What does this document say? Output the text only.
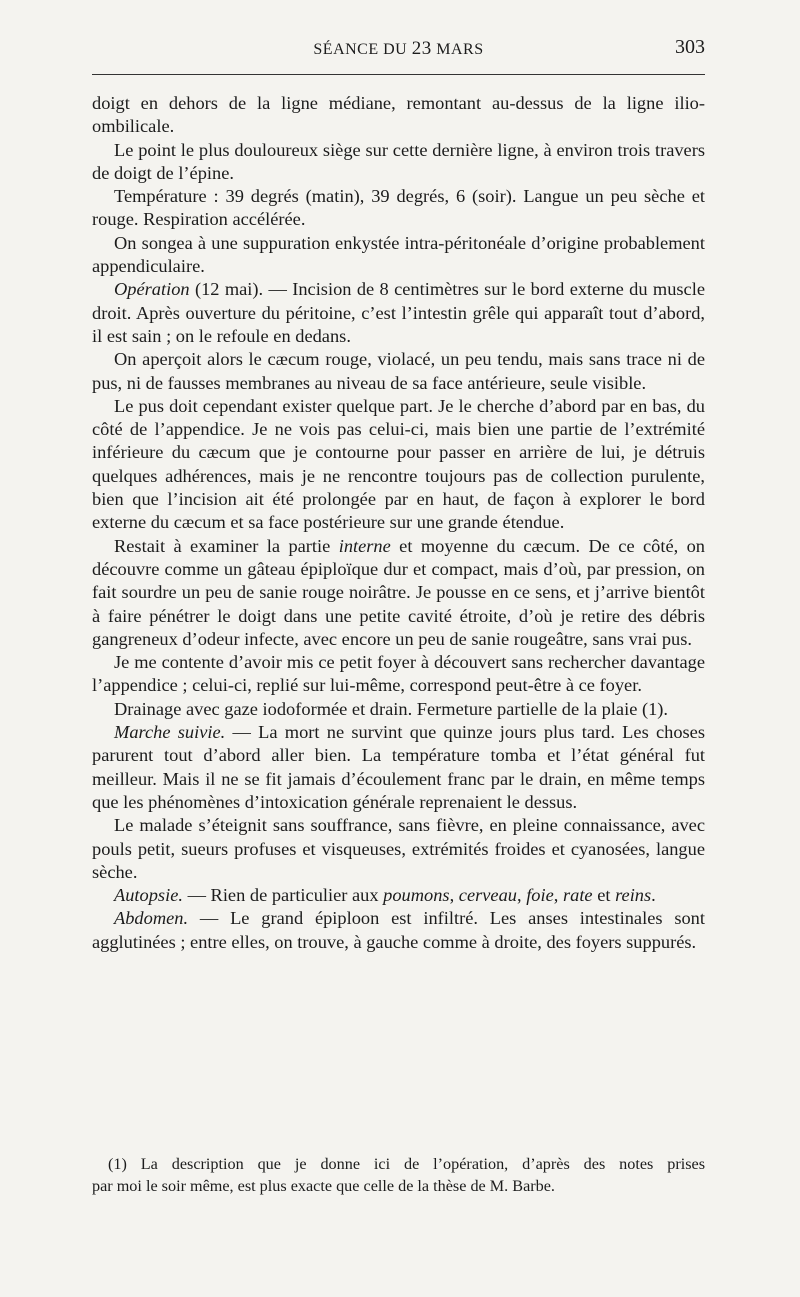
SÉANCE DU 23 MARS	303

doigt en dehors de la ligne médiane, remontant au-dessus de la ligne ilio-ombilicale.

Le point le plus douloureux siège sur cette dernière ligne, à environ trois travers de doigt de l’épine.

Température : 39 degrés (matin), 39 degrés, 6 (soir). Langue un peu sèche et rouge. Respiration accélérée.

On songea à une suppuration enkystée intra-péritonéale d’origine probablement appendiculaire.

Opération (12 mai). — Incision de 8 centimètres sur le bord externe du muscle droit. Après ouverture du péritoine, c’est l’intestin grêle qui apparaît tout d’abord, il est sain ; on le refoule en dedans.

On aperçoit alors le cæcum rouge, violacé, un peu tendu, mais sans trace ni de pus, ni de fausses membranes au niveau de sa face antérieure, seule visible.

Le pus doit cependant exister quelque part. Je le cherche d’abord par en bas, du côté de l’appendice. Je ne vois pas celui-ci, mais bien une partie de l’extrémité inférieure du cæcum que je contourne pour passer en arrière de lui, je détruis quelques adhérences, mais je ne rencontre toujours pas de collection purulente, bien que l’incision ait été prolongée par en haut, de façon à explorer le bord externe du cæcum et sa face postérieure sur une grande étendue.

Restait à examiner la partie interne et moyenne du cæcum. De ce côté, on découvre comme un gâteau épiploïque dur et compact, mais d’où, par pression, on fait sourdre un peu de sanie rouge noirâtre. Je pousse en ce sens, et j’arrive bientôt à faire pénétrer le doigt dans une petite cavité étroite, d’où je retire des débris gangreneux d’odeur infecte, avec encore un peu de sanie rougeâtre, sans vrai pus.

Je me contente d’avoir mis ce petit foyer à découvert sans rechercher davantage l’appendice ; celui-ci, replié sur lui-même, correspond peut-être à ce foyer.

Drainage avec gaze iodoformée et drain. Fermeture partielle de la plaie (1).

Marche suivie. — La mort ne survint que quinze jours plus tard. Les choses parurent tout d’abord aller bien. La température tomba et l’état général fut meilleur. Mais il ne se fit jamais d’écoulement franc par le drain, en même temps que les phénomènes d’intoxication générale reprenaient le dessus.

Le malade s’éteignit sans souffrance, sans fièvre, en pleine connaissance, avec pouls petit, sueurs profuses et visqueuses, extrémités froides et cyanosées, langue sèche.

Autopsie. — Rien de particulier aux poumons, cerveau, foie, rate et reins.

Abdomen. — Le grand épiploon est infiltré. Les anses intestinales sont agglutinées ; entre elles, on trouve, à gauche comme à droite, des foyers suppurés.

(1) La description que je donne ici de l’opération, d’après des notes prises
par moi le soir même, est plus exacte que celle de la thèse de M. Barbe.
